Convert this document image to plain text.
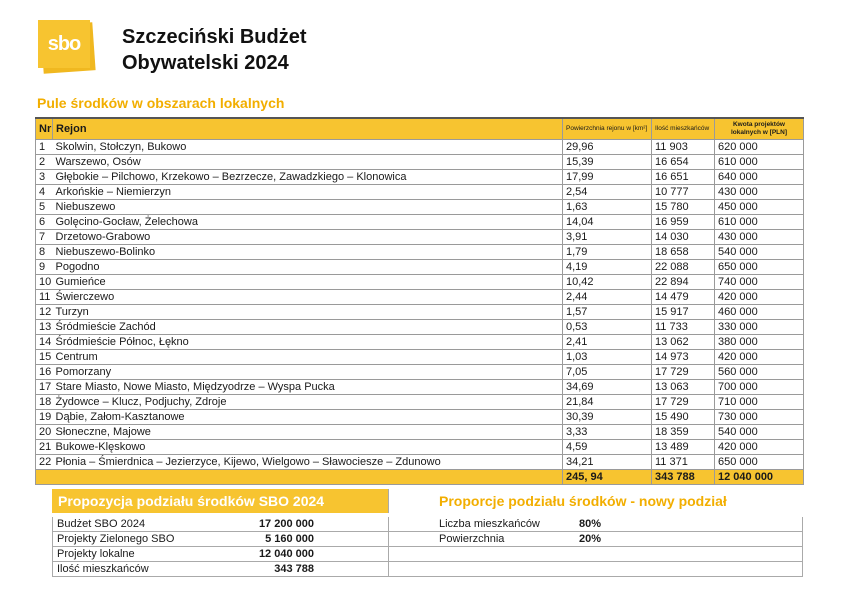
sbo Szczeciński Budżet
Obywatelski 2024
Pule środków w obszarach lokalnych
Nr	Rejon	Powierzchnia rejonu w [km²]	Ilość mieszkańców	Kwota projektów lokalnych w [PLN]
1	Skolwin, Stołczyn, Bukowo	29,96	11 903	620 000
2	Warszewo, Osów	15,39	16 654	610 000
3	Głębokie – Pilchowo, Krzekowo – Bezrzecze, Zawadzkiego – Klonowica	17,99	16 651	640 000
4	Arkońskie – Niemierzyn	2,54	10 777	430 000
5	Niebuszewo	1,63	15 780	450 000
6	Golęcino-Gocław, Żelechowa	14,04	16 959	610 000
7	Drzetowo-Grabowo	3,91	14 030	430 000
8	Niebuszewo-Bolinko	1,79	18 658	540 000
9	Pogodno	4,19	22 088	650 000
10	Gumieńce	10,42	22 894	740 000
11	Świerczewo	2,44	14 479	420 000
12	Turzyn	1,57	15 917	460 000
13	Śródmieście Zachód	0,53	11 733	330 000
14	Śródmieście Północ, Łękno	2,41	13 062	380 000
15	Centrum	1,03	14 973	420 000
16	Pomorzany	7,05	17 729	560 000
17	Stare Miasto, Nowe Miasto, Międzyodrze – Wyspa Pucka	34,69	13 063	700 000
18	Żydowce – Klucz, Podjuchy, Zdroje	21,84	17 729	710 000
19	Dąbie, Załom-Kasztanowe	30,39	15 490	730 000
20	Słoneczne, Majowe	3,33	18 359	540 000
21	Bukowe-Klęskowo	4,59	13 489	420 000
22	Płonia – Śmierdnica – Jezierzyce, Kijewo, Wielgowo – Sławociesze – Zdunowo	34,21	11 371	650 000
		245, 94	343 788	12 040 000
Propozycja podziału środków SBO 2024
Budżet SBO 2024	17 200 000
Projekty Zielonego SBO	5 160 000
Projekty lokalne	12 040 000
Ilość mieszkańców	343 788
Proporcje podziału środków - nowy podział
Liczba mieszkańców	80%
Powierzchnia	20%
